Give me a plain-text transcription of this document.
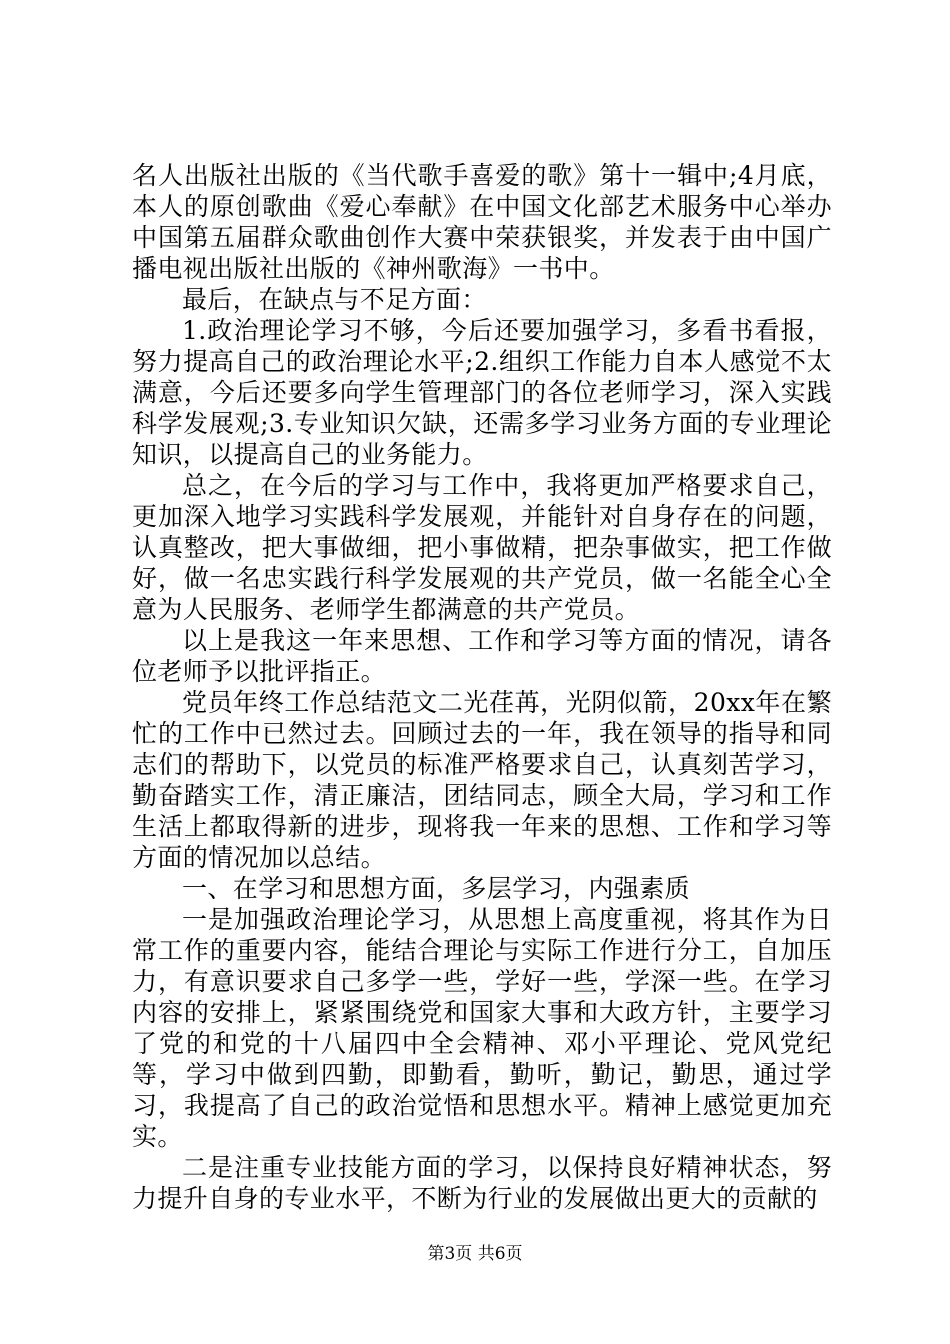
名人出版社出版的《当代歌手喜爱的歌》第十一辑中;4月底，本人的原创歌曲《爱心奉献》在中国文化部艺术服务中心举办中国第五届群众歌曲创作大赛中荣获银奖，并发表于由中国广播电视出版社出版的《神州歌海》一书中。

最后，在缺点与不足方面：

1.政治理论学习不够，今后还要加强学习，多看书看报，努力提高自己的政治理论水平;2.组织工作能力自本人感觉不太满意，今后还要多向学生管理部门的各位老师学习，深入实践科学发展观;3.专业知识欠缺，还需多学习业务方面的专业理论知识，以提高自己的业务能力。

总之，在今后的学习与工作中，我将更加严格要求自己，更加深入地学习实践科学发展观，并能针对自身存在的问题，认真整改，把大事做细，把小事做精，把杂事做实，把工作做好，做一名忠实践行科学发展观的共产党员，做一名能全心全意为人民服务、老师学生都满意的共产党员。

以上是我这一年来思想、工作和学习等方面的情况，请各位老师予以批评指正。

党员年终工作总结范文二光荏苒，光阴似箭，20xx年在繁忙的工作中已然过去。回顾过去的一年，我在领导的指导和同志们的帮助下，以党员的标准严格要求自己，认真刻苦学习，勤奋踏实工作，清正廉洁，团结同志，顾全大局，学习和工作生活上都取得新的进步，现将我一年来的思想、工作和学习等方面的情况加以总结。

一、在学习和思想方面，多层学习，内强素质

一是加强政治理论学习，从思想上高度重视，将其作为日常工作的重要内容，能结合理论与实际工作进行分工，自加压力，有意识要求自己多学一些，学好一些，学深一些。在学习内容的安排上，紧紧围绕党和国家大事和大政方针，主要学习了党的和党的十八届四中全会精神、邓小平理论、党风党纪等，学习中做到四勤，即勤看，勤听，勤记，勤思，通过学习，我提高了自己的政治觉悟和思想水平。精神上感觉更加充实。

二是注重专业技能方面的学习，以保持良好精神状态，努力提升自身的专业水平，不断为行业的发展做出更大的贡献的

第3页 共6页
